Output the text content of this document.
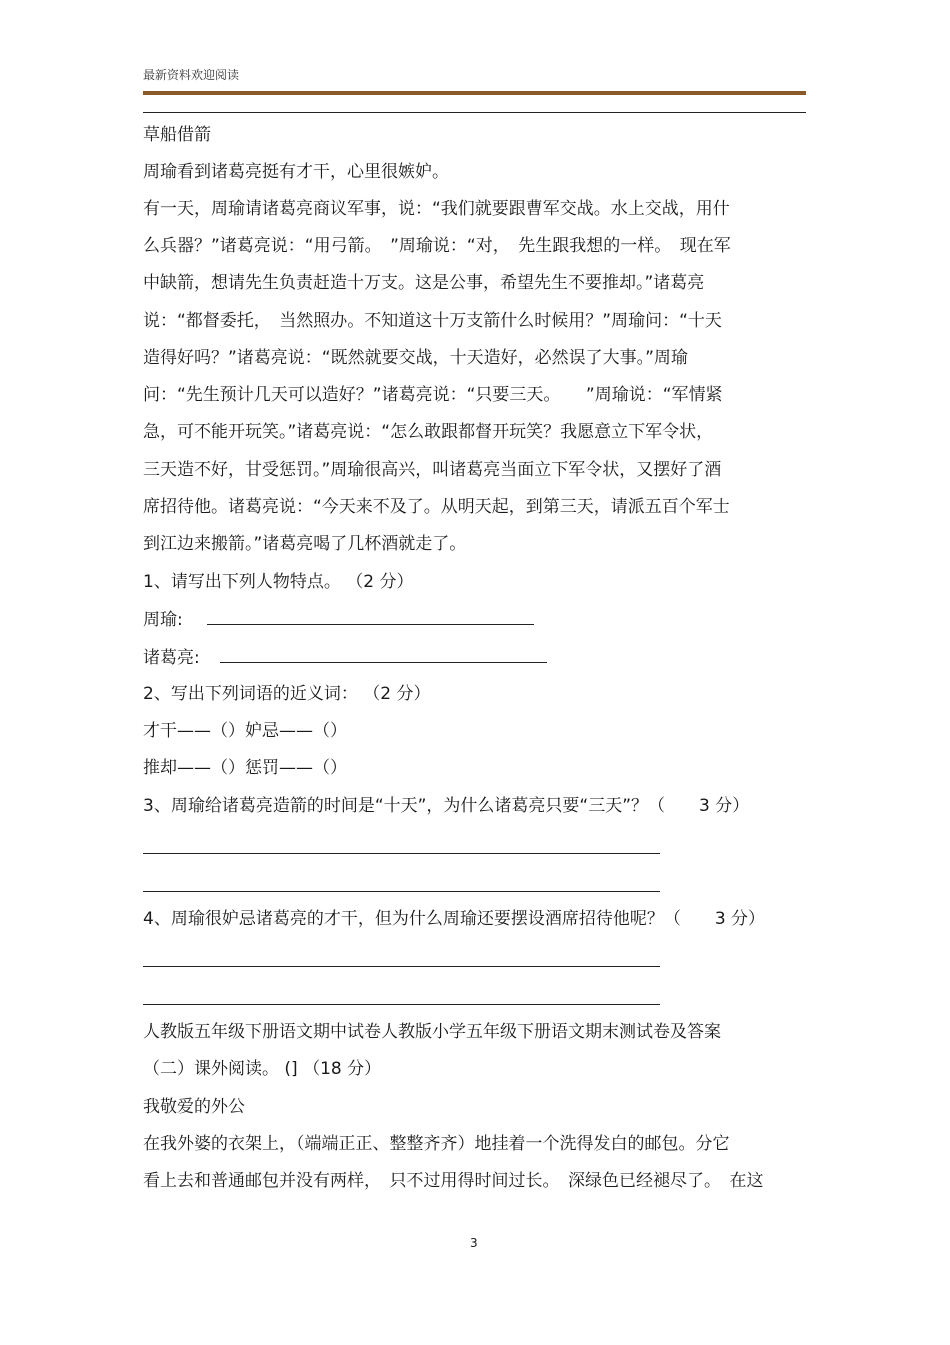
最新资料欢迎阅读
草船借箭
周瑜看到诸葛亮挺有才干，心里很嫉妒。
有一天，周瑜请诸葛亮商议军事，说：“我们就要跟曹军交战。水上交战，用什
么兵器？”诸葛亮说：“用弓箭。　”周瑜说：“对，　先生跟我想的一样。　现在军
中缺箭，想请先生负责赶造十万支。这是公事，希望先生不要推却。”诸葛亮
说：“都督委托，　当然照办。不知道这十万支箭什么时候用？”周瑜问：“十天
造得好吗？”诸葛亮说：“既然就要交战，十天造好，必然误了大事。”周瑜
问：“先生预计几天可以造好？”诸葛亮说：“只要三天。　　”周瑜说：“军情紧
急，可不能开玩笑。”诸葛亮说：“怎么敢跟都督开玩笑？我愿意立下军令状，
三天造不好，甘受惩罚。”周瑜很高兴，叫诸葛亮当面立下军令状，又摆好了酒
席招待他。诸葛亮说：“今天来不及了。从明天起，到第三天，请派五百个军士
到江边来搬箭。”诸葛亮喝了几杯酒就走了。
1、请写出下列人物特点。 （2 分）
周瑜:
诸葛亮:
2、写出下列词语的近义词： （2 分）
才干——（）妒忌——（）
推却——（）惩罚——（）
3、周瑜给诸葛亮造箭的时间是“十天”，为什么诸葛亮只要“三天”？（　　3 分）
4、周瑜很妒忌诸葛亮的才干，但为什么周瑜还要摆设酒席招待他呢？（　　3 分）
人教版五年级下册语文期中试卷人教版小学五年级下册语文期末测试卷及答案
（二）课外阅读。 (] （18 分）
我敬爱的外公
在我外婆的衣架上，（端端正正、整整齐齐）地挂着一个洗得发白的邮包。分它
看上去和普通邮包并没有两样，　只不过用得时间过长。　深绿色已经褪尽了。　在这
3
